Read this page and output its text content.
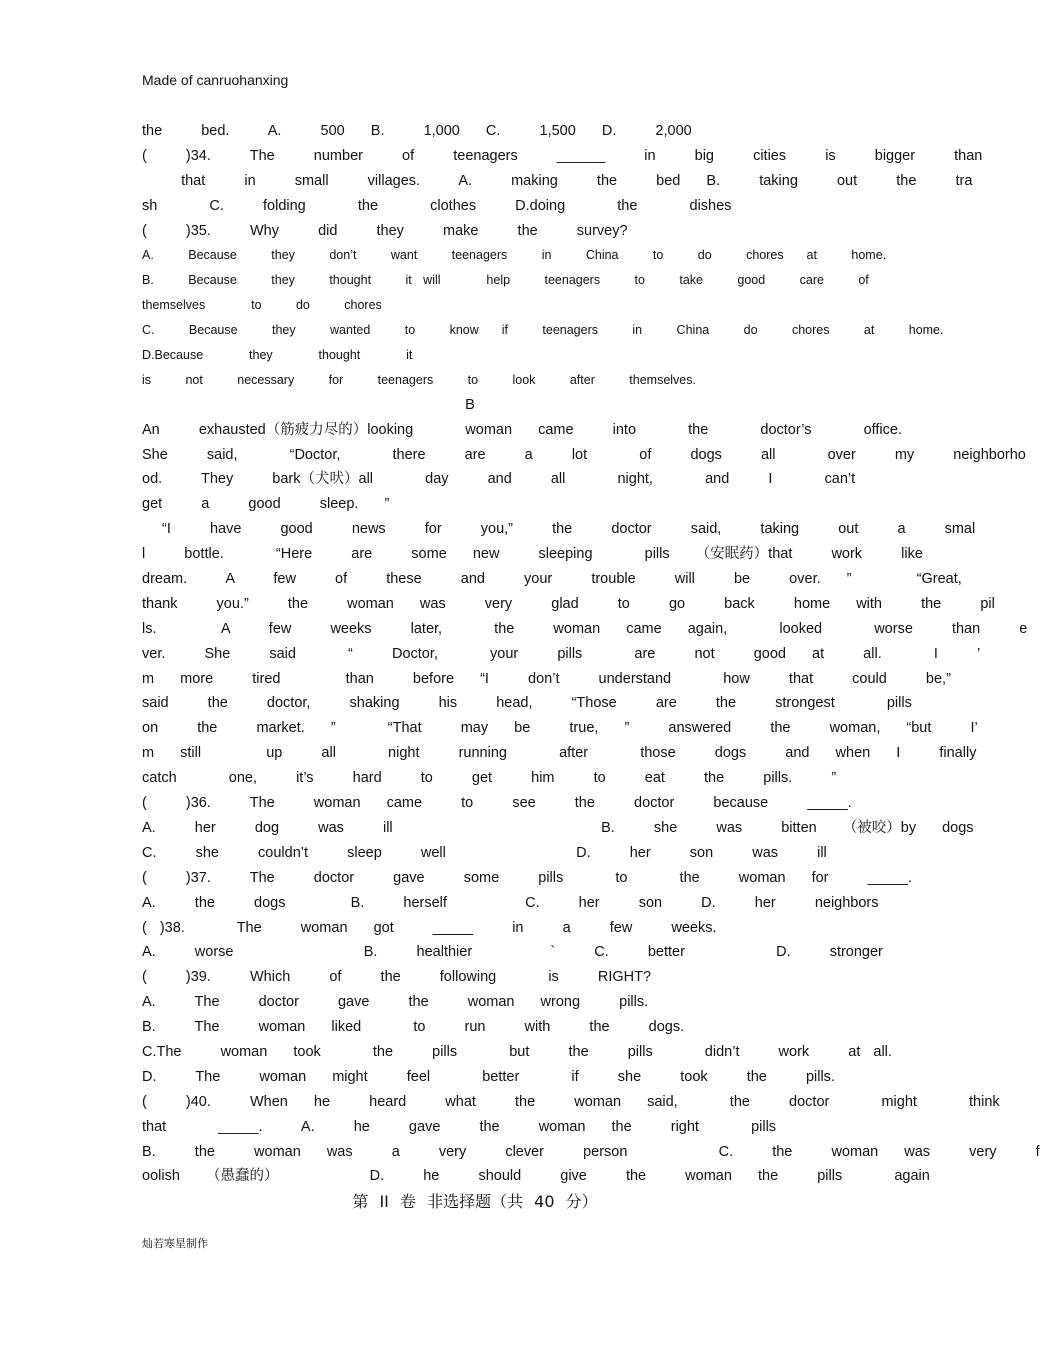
Made of canruohanxing
the   bed.   A.   500  B.   1,000  C.   1,500  D.   2,000
(   )34.   The   number   of   teenagers   ______   in   big   cities   is   bigger   than
that   in   small   villages.   A.   making   the   bed  B.   taking   out   the   tra
sh    C.   folding    the    clothes   D.doing    the    dishes
(   )35.   Why   did   they   make   the   survey?
A.   Because   they   don’t   want   teenagers   in   China   to   do   chores  at   home.
B.   Because   they   thought   it will    help   teenagers   to   take   good   care   of
themselves    to   do   chores
C.   Because   they   wanted   to   know  if   teenagers   in   China   do   chores   at   home.
D.Because    they    thought    it
is   not   necessary   for   teenagers   to   look   after   themselves.
B
An   exhausted（筋疲力尽的）looking    woman  came   into    the    doctor’s    office.
She   said,    “Doctor,    there   are   a   lot    of   dogs   all    over   my   neighborho
od.   They   bark（犬吠）all    day   and   all    night,    and   I    can’t
get   a   good   sleep.  ”
“I   have   good   news   for   you,”   the   doctor   said,   taking   out   a   smal
l   bottle.    “Here   are   some  new   sleeping    pills  （安眠药）that   work   like
dream.   A   few   of   these   and   your   trouble   will   be   over.  ”     “Great,
thank   you.”   the   woman  was   very   glad   to   go   back   home  with   the   pil
ls.     A   few   weeks   later,    the   woman  came  again,    looked    worse   than   e
ver.   She   said    “   Doctor,    your   pills    are   not   good  at   all.    I   ’
m  more   tired     than   before  “I   don’t   understand    how   that   could   be,”
said   the   doctor,   shaking   his   head,   “Those   are   the   strongest    pills
on   the   market.  ”    “That   may  be   true,  ”   answered   the   woman,  “but   I’
m  still     up   all    night   running    after    those   dogs   and  when  I   finally
catch    one,   it’s   hard   to   get   him   to   eat   the   pills.   ”
(   )36.   The   woman  came   to   see   the   doctor   because   _____.
A.   her   dog   was   ill                B.   she   was   bitten  （被咬）by  dogs
C.   she   couldn’t   sleep   well          D.   her   son   was   ill
(   )37.   The   doctor   gave   some   pills    to    the   woman  for   _____.
A.   the   dogs     B.   herself      C.   her   son   D.   her   neighbors
( )38.    The   woman  got   _____   in   a   few   weeks.
A.   worse          B.   healthier      `   C.   better       D.   stronger
(   )39.   Which   of   the   following    is   RIGHT?
A.   The   doctor   gave   the   woman  wrong   pills.
B.   The   woman  liked    to   run   with   the   dogs.
C.The   woman  took    the   pills    but   the   pills    didn’t   work   at all.
D.   The   woman  might   feel    better    if   she   took   the   pills.
(   )40.   When  he   heard   what   the   woman  said,    the   doctor    might    think
that    _____.   A.   he   gave   the   woman  the   right    pills
B.   the   woman  was   a   very   clever   person       C.   the   woman  was   very   f
oolish  （愚蠢的）       D.   he   should   give   the   woman  the   pills    again
第 II 卷 非选择题（共 40 分）
灿若寒星制作
